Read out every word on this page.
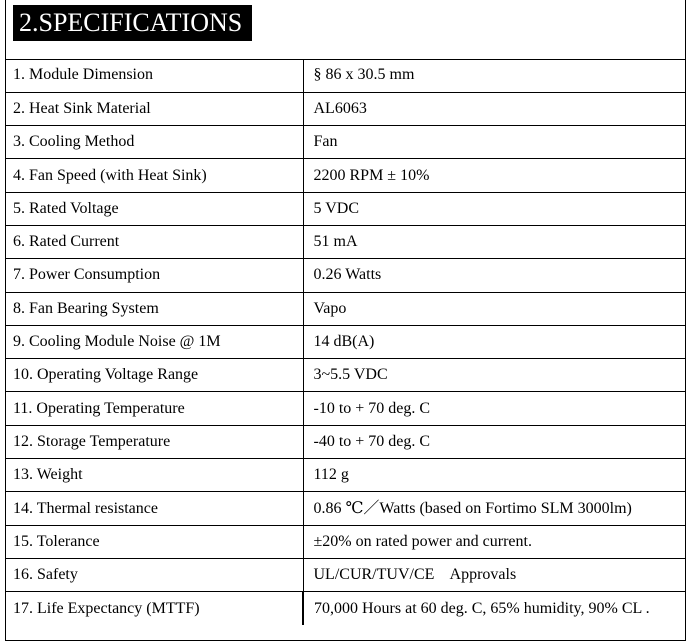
2.SPECIFICATIONS
1. Module Dimension	§ 86 x 30.5 mm
2. Heat Sink Material	AL6063
3. Cooling Method	Fan
4. Fan Speed (with Heat Sink)	2200 RPM ± 10%
5. Rated Voltage	5 VDC
6. Rated Current	51 mA
7. Power Consumption	0.26 Watts
8. Fan Bearing System	Vapo
9. Cooling Module Noise @ 1M	14 dB(A)
10. Operating Voltage Range	3~5.5 VDC
11. Operating Temperature	-10 to + 70 deg. C
12. Storage Temperature	-40 to + 70 deg. C
13. Weight	112 g
14. Thermal resistance	0.86 ℃／Watts (based on Fortimo SLM 3000lm)
15. Tolerance	±20% on rated power and current.
16. Safety	UL/CUR/TUV/CE    Approvals
17. Life Expectancy (MTTF)	70,000 Hours at 60 deg. C, 65% humidity, 90% CL .
